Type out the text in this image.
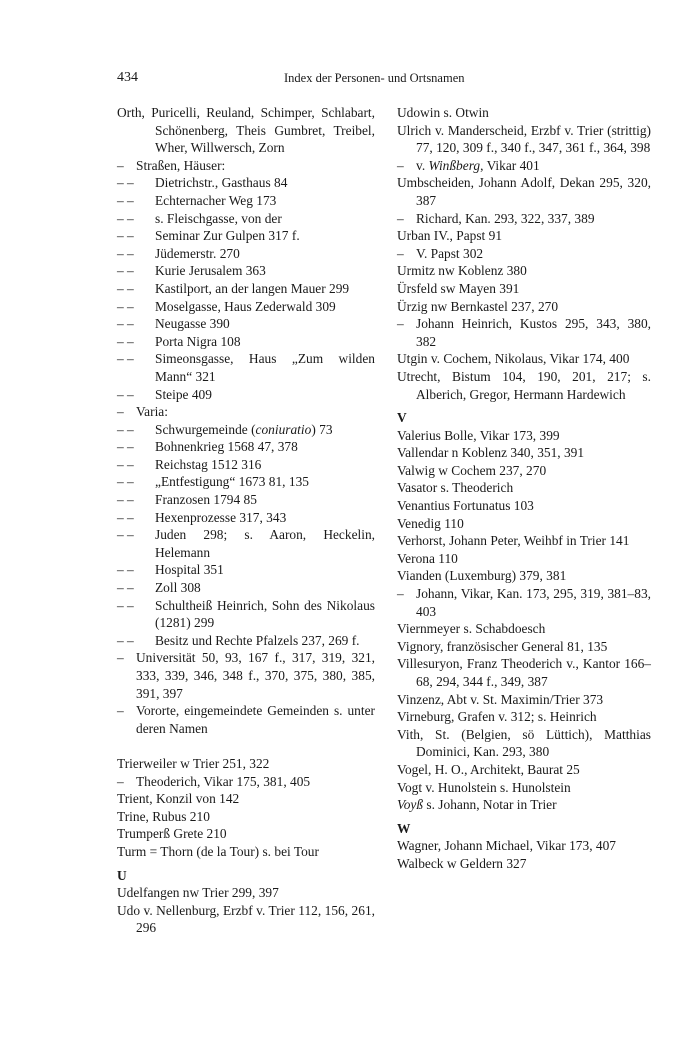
434	Index der Personen- und Ortsnamen
Orth, Puricelli, Reuland, Schimper, Schlabart, Schönenberg, Theis Gumbret, Treibel, Wher, Willwersch, Zorn
– Straßen, Häuser:
– – Dietrichstr., Gasthaus 84
– – Echternacher Weg 173
– – s. Fleischgasse, von der
– – Seminar Zur Gulpen 317 f.
– – Jüdemerstr. 270
– – Kurie Jerusalem 363
– – Kastilport, an der langen Mauer 299
– – Moselgasse, Haus Zederwald 309
– – Neugasse 390
– – Porta Nigra 108
– – Simeonsgasse, Haus „Zum wilden Mann“ 321
– – Steipe 409
– Varia:
– – Schwurgemeinde (coniuratio) 73
– – Bohnenkrieg 1568 47, 378
– – Reichstag 1512 316
– – „Entfestigung“ 1673 81, 135
– – Franzosen 1794 85
– – Hexenprozesse 317, 343
– – Juden 298; s. Aaron, Heckelin, Helemann
– – Hospital 351
– – Zoll 308
– – Schultheiß Heinrich, Sohn des Nikolaus (1281) 299
– – Besitz und Rechte Pfalzels 237, 269 f.
– Universität 50, 93, 167 f., 317, 319, 321, 333, 339, 346, 348 f., 370, 375, 380, 385, 391, 397
– Vororte, eingemeindete Gemeinden s. unter deren Namen
Trierweiler w Trier 251, 322
– Theoderich, Vikar 175, 381, 405
Trient, Konzil von 142
Trine, Rubus 210
Trumperß Grete 210
Turm = Thorn (de la Tour) s. bei Tour
U
Udelfangen nw Trier 299, 397
Udo v. Nellenburg, Erzbf v. Trier 112, 156, 261, 296
Udowin s. Otwin
Ulrich v. Manderscheid, Erzbf v. Trier (strittig) 77, 120, 309 f., 340 f., 347, 361 f., 364, 398
– v. Winßberg, Vikar 401
Umbscheiden, Johann Adolf, Dekan 295, 320, 387
– Richard, Kan. 293, 322, 337, 389
Urban IV., Papst 91
– V. Papst 302
Urmitz nw Koblenz 380
Ürsfeld sw Mayen 391
Ürzig nw Bernkastel 237, 270
– Johann Heinrich, Kustos 295, 343, 380, 382
Utgin v. Cochem, Nikolaus, Vikar 174, 400
Utrecht, Bistum 104, 190, 201, 217; s. Alberich, Gregor, Hermann Hardewich
V
Valerius Bolle, Vikar 173, 399
Vallendar n Koblenz 340, 351, 391
Valwig w Cochem 237, 270
Vasator s. Theoderich
Venantius Fortunatus 103
Venedig 110
Verhorst, Johann Peter, Weihbf in Trier 141
Verona 110
Vianden (Luxemburg) 379, 381
– Johann, Vikar, Kan. 173, 295, 319, 381–83, 403
Viernmeyer s. Schabdoesch
Vignory, französischer General 81, 135
Villesuryon, Franz Theoderich v., Kantor 166–68, 294, 344 f., 349, 387
Vinzenz, Abt v. St. Maximin/Trier 373
Virneburg, Grafen v. 312; s. Heinrich
Vith, St. (Belgien, sö Lüttich), Matthias Dominici, Kan. 293, 380
Vogel, H. O., Architekt, Baurat 25
Vogt v. Hunolstein s. Hunolstein
Voyß s. Johann, Notar in Trier
W
Wagner, Johann Michael, Vikar 173, 407
Walbeck w Geldern 327
